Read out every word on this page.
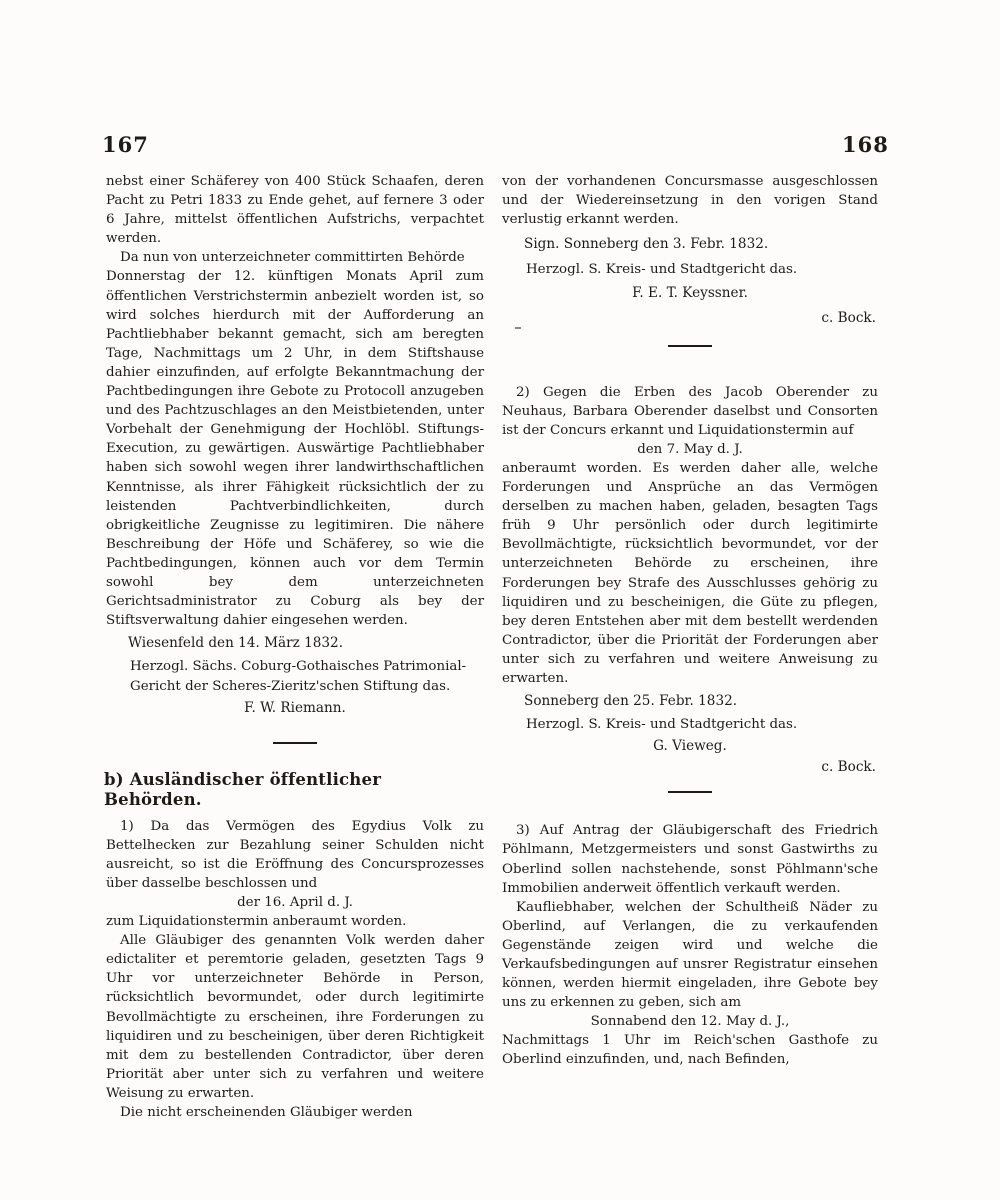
167	168

nebst einer Schäferey von 400 Stück Schaafen, deren Pacht zu Petri 1833 zu Ende gehet, auf fernere 3 oder 6 Jahre, mittelst öffentlichen Aufstrichs, verpachtet werden.

Da nun von unterzeichneter committirten Behörde

Donnerstag der 12. künftigen Monats April zum öffentlichen Verstrichstermin anbezielt worden ist, so wird solches hierdurch mit der Aufforderung an Pachtliebhaber bekannt gemacht, sich am beregten Tage, Nachmittags um 2 Uhr, in dem Stiftshause dahier einzufinden, auf erfolgte Bekanntmachung der Pachtbedingungen ihre Gebote zu Protocoll anzugeben und des Pachtzuschlages an den Meistbietenden, unter Vorbehalt der Genehmigung der Hochlöbl. Stiftungs-Execution, zu gewärtigen. Auswärtige Pachtliebhaber haben sich sowohl wegen ihrer landwirthschaftlichen Kenntnisse, als ihrer Fähigkeit rücksichtlich der zu leistenden Pachtverbindlichkeiten, durch obrigkeitliche Zeugnisse zu legitimiren. Die nähere Beschreibung der Höfe und Schäferey, so wie die Pachtbedingungen, können auch vor dem Termin sowohl bey dem unterzeichneten Gerichtsadministrator zu Coburg als bey der Stiftsverwaltung dahier eingesehen werden.

Wiesenfeld den 14. März 1832.

Herzogl. Sächs. Coburg-Gothaisches Patrimonial-Gericht der Scheres-Zieritz'schen Stiftung das.

F. W. Riemann.

b) Ausländischer öffentlicher Behörden.

1) Da das Vermögen des Egydius Volk zu Bettelhecken zur Bezahlung seiner Schulden nicht ausreicht, so ist die Eröffnung des Concursprozesses über dasselbe beschlossen und

der 16. April d. J.

zum Liquidationstermin anberaumt worden.

Alle Gläubiger des genannten Volk werden daher edictaliter et peremtorie geladen, gesetzten Tags 9 Uhr vor unterzeichneter Behörde in Person, rücksichtlich bevormundet, oder durch legitimirte Bevollmächtigte zu erscheinen, ihre Forderungen zu liquidiren und zu bescheinigen, über deren Richtigkeit mit dem zu bestellenden Contradictor, über deren Priorität aber unter sich zu verfahren und weitere Weisung zu erwarten.

Die nicht erscheinenden Gläubiger werden

von der vorhandenen Concursmasse ausgeschlossen und der Wiedereinsetzung in den vorigen Stand verlustig erkannt werden.

Sign. Sonneberg den 3. Febr. 1832.

Herzogl. S. Kreis- und Stadtgericht das.

F. E. T. Keyssner.

c. Bock.

2) Gegen die Erben des Jacob Oberender zu Neuhaus, Barbara Oberender daselbst und Consorten ist der Concurs erkannt und Liquidationstermin auf

den 7. May d. J.

anberaumt worden. Es werden daher alle, welche Forderungen und Ansprüche an das Vermögen derselben zu machen haben, geladen, besagten Tags früh 9 Uhr persönlich oder durch legitimirte Bevollmächtigte, rücksichtlich bevormundet, vor der unterzeichneten Behörde zu erscheinen, ihre Forderungen bey Strafe des Ausschlusses gehörig zu liquidiren und zu bescheinigen, die Güte zu pflegen, bey deren Entstehen aber mit dem bestellt werdenden Contradictor, über die Priorität der Forderungen aber unter sich zu verfahren und weitere Anweisung zu erwarten.

Sonneberg den 25. Febr. 1832.

Herzogl. S. Kreis- und Stadtgericht das.

G. Vieweg.

c. Bock.

3) Auf Antrag der Gläubigerschaft des Friedrich Pöhlmann, Metzgermeisters und sonst Gastwirths zu Oberlind sollen nachstehende, sonst Pöhlmann'sche Immobilien anderweit öffentlich verkauft werden.

Kaufliebhaber, welchen der Schultheiß Näder zu Oberlind, auf Verlangen, die zu verkaufenden Gegenstände zeigen wird und welche die Verkaufsbedingungen auf unsrer Registratur einsehen können, werden hiermit eingeladen, ihre Gebote bey uns zu erkennen zu geben, sich am

Sonnabend den 12. May d. J.,

Nachmittags 1 Uhr im Reich'schen Gasthofe zu Oberlind einzufinden, und, nach Befinden,
